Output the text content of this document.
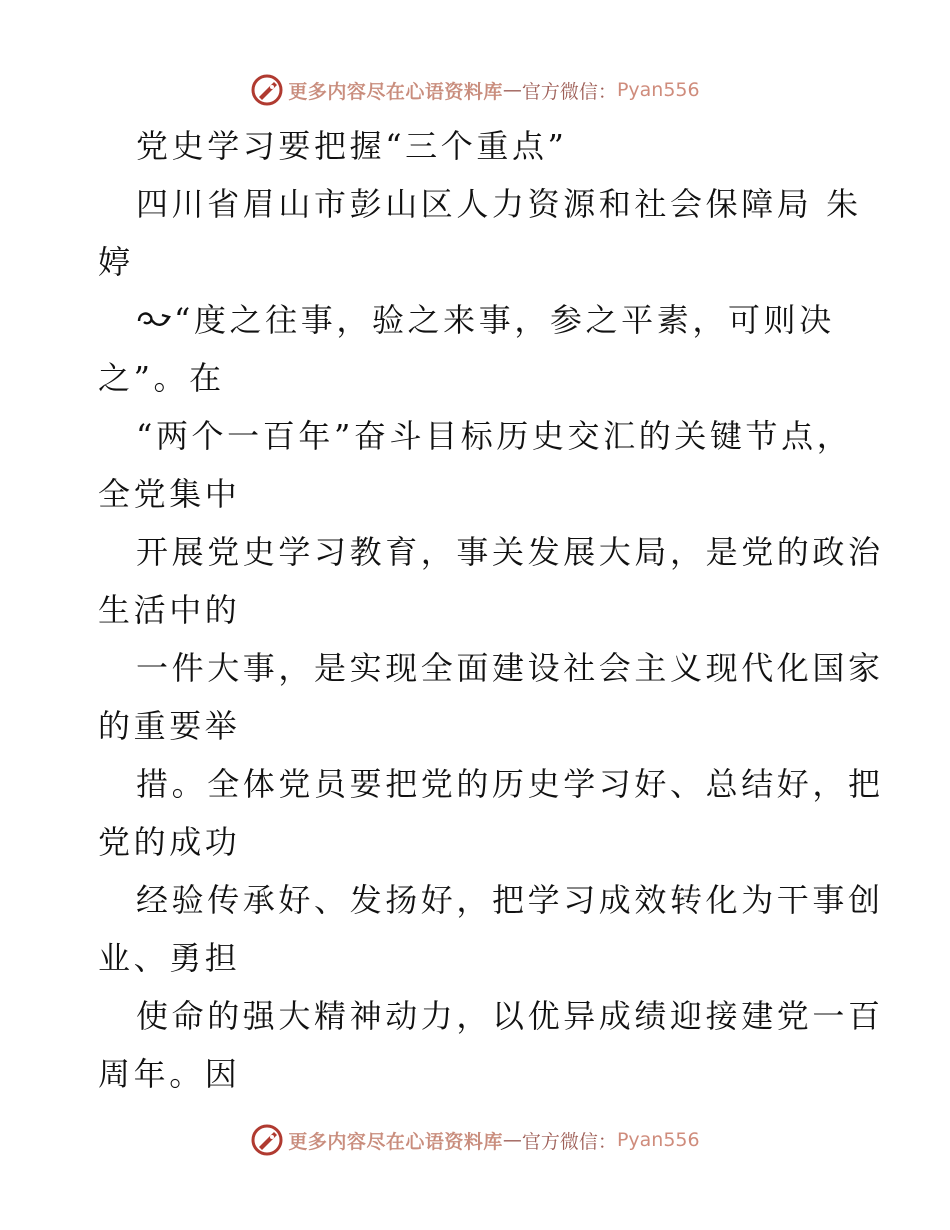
更多内容尽在心语资料库 — 官方微信： Pyan556
党史学习要把握“三个重点”
四川省眉山市彭山区人力资源和社会保障局 朱
婷
“度之往事，验之来事，参之平素，可则决
之”。在
“两个一百年”奋斗目标历史交汇的关键节点，
全党集中
开展党史学习教育，事关发展大局，是党的政治
生活中的
一件大事，是实现全面建设社会主义现代化国家
的重要举
措。全体党员要把党的历史学习好、总结好，把
党的成功
经验传承好、发扬好，把学习成效转化为干事创
业、勇担
使命的强大精神动力，以优异成绩迎接建党一百
周年。因
更多内容尽在心语资料库 — 官方微信： Pyan556
